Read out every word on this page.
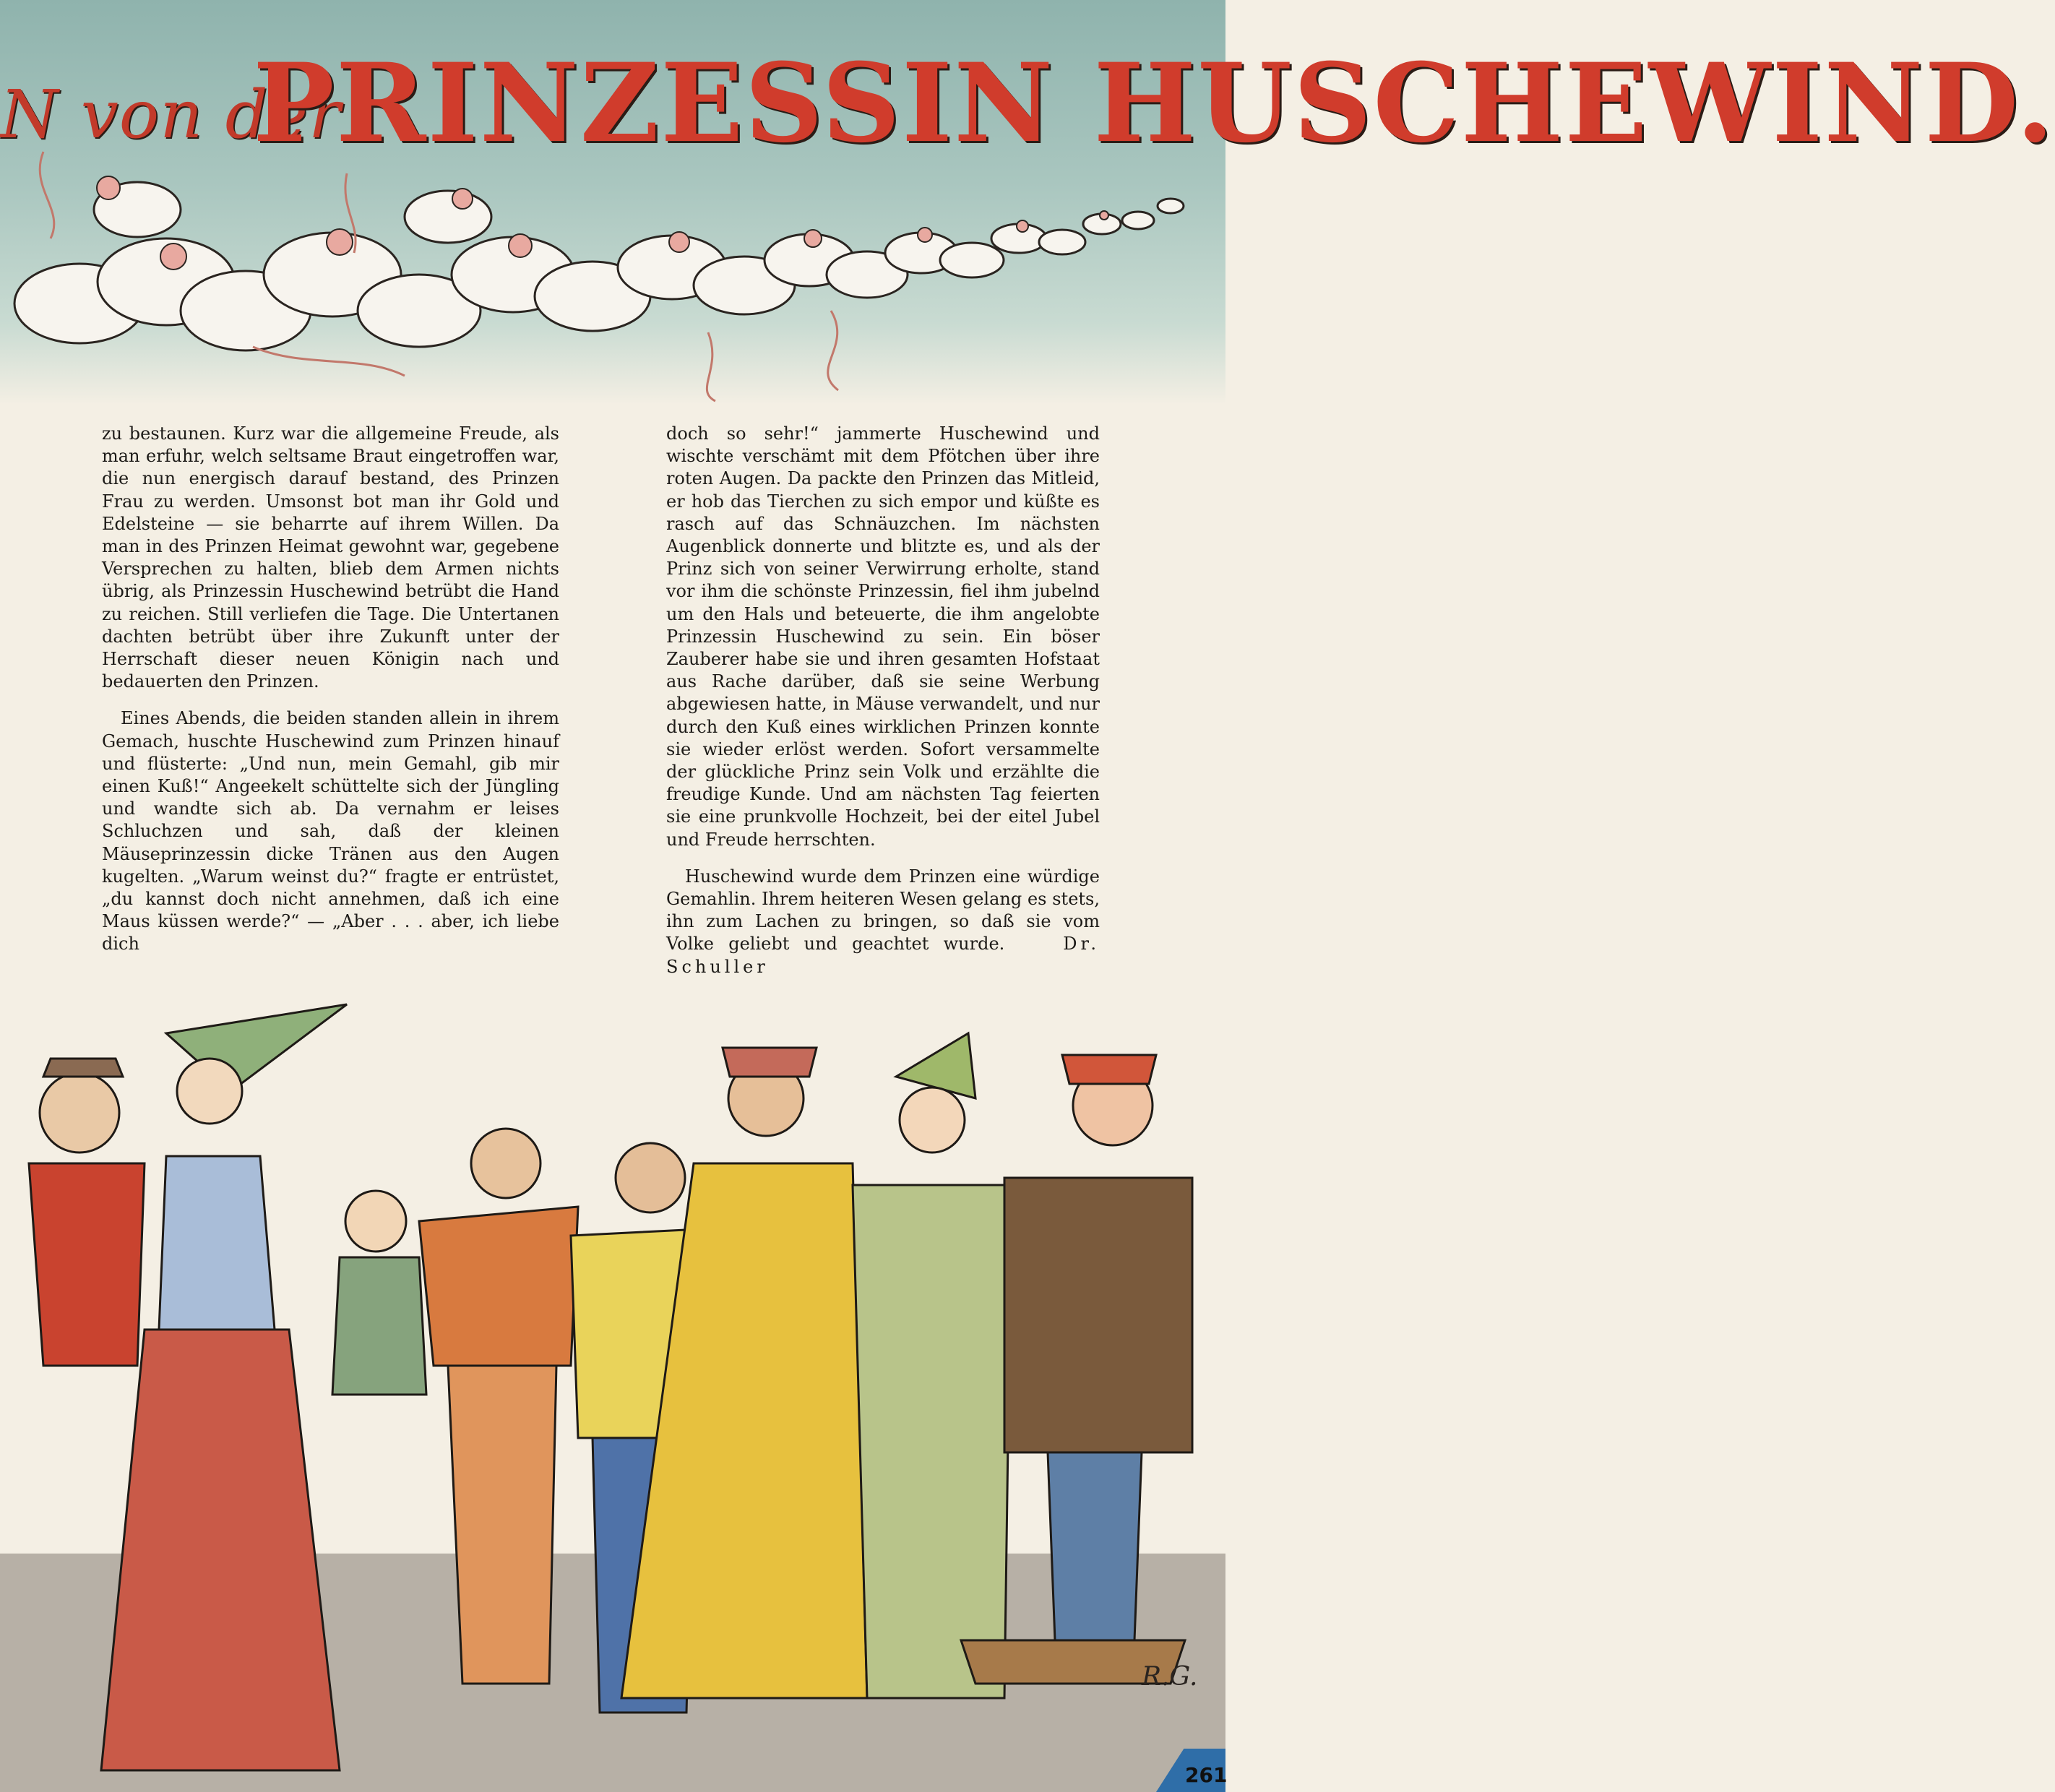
N von der
PRINZESSIN HUSCHEWIND.

zu bestaunen. Kurz war die allgemeine Freude, als man erfuhr, welch seltsame Braut eingetroffen war, die nun energisch darauf bestand, des Prinzen Frau zu werden. Umsonst bot man ihr Gold und Edelsteine — sie beharrte auf ihrem Willen. Da man in des Prinzen Heimat gewohnt war, gegebene Versprechen zu halten, blieb dem Armen nichts übrig, als Prinzessin Huschewind betrübt die Hand zu reichen. Still verliefen die Tage. Die Untertanen dachten betrübt über ihre Zukunft unter der Herrschaft dieser neuen Königin nach und bedauerten den Prinzen.

Eines Abends, die beiden standen allein in ihrem Gemach, huschte Huschewind zum Prinzen hinauf und flüsterte: „Und nun, mein Gemahl, gib mir einen Kuß!“ Angeekelt schüttelte sich der Jüngling und wandte sich ab. Da vernahm er leises Schluchzen und sah, daß der kleinen Mäuseprinzessin dicke Tränen aus den Augen kugelten. „Warum weinst du?“ fragte er entrüstet, „du kannst doch nicht annehmen, daß ich eine Maus küssen werde?“ — „Aber . . . aber, ich liebe dich

doch so sehr!“ jammerte Huschewind und wischte verschämt mit dem Pfötchen über ihre roten Augen. Da packte den Prinzen das Mitleid, er hob das Tierchen zu sich empor und küßte es rasch auf das Schnäuzchen. Im nächsten Augenblick donnerte und blitzte es, und als der Prinz sich von seiner Verwirrung erholte, stand vor ihm die schönste Prinzessin, fiel ihm jubelnd um den Hals und beteuerte, die ihm angelobte Prinzessin Huschewind zu sein. Ein böser Zauberer habe sie und ihren gesamten Hofstaat aus Rache darüber, daß sie seine Werbung abgewiesen hatte, in Mäuse verwandelt, und nur durch den Kuß eines wirklichen Prinzen konnte sie wieder erlöst werden. Sofort versammelte der glückliche Prinz sein Volk und erzählte die freudige Kunde. Und am nächsten Tag feierten sie eine prunkvolle Hochzeit, bei der eitel Jubel und Freude herrschten.

Huschewind wurde dem Prinzen eine würdige Gemahlin. Ihrem heiteren Wesen gelang es stets, ihn zum Lachen zu bringen, so daß sie vom Volke geliebt und geachtet wurde.	Dr. Schuller

R.G.
261
